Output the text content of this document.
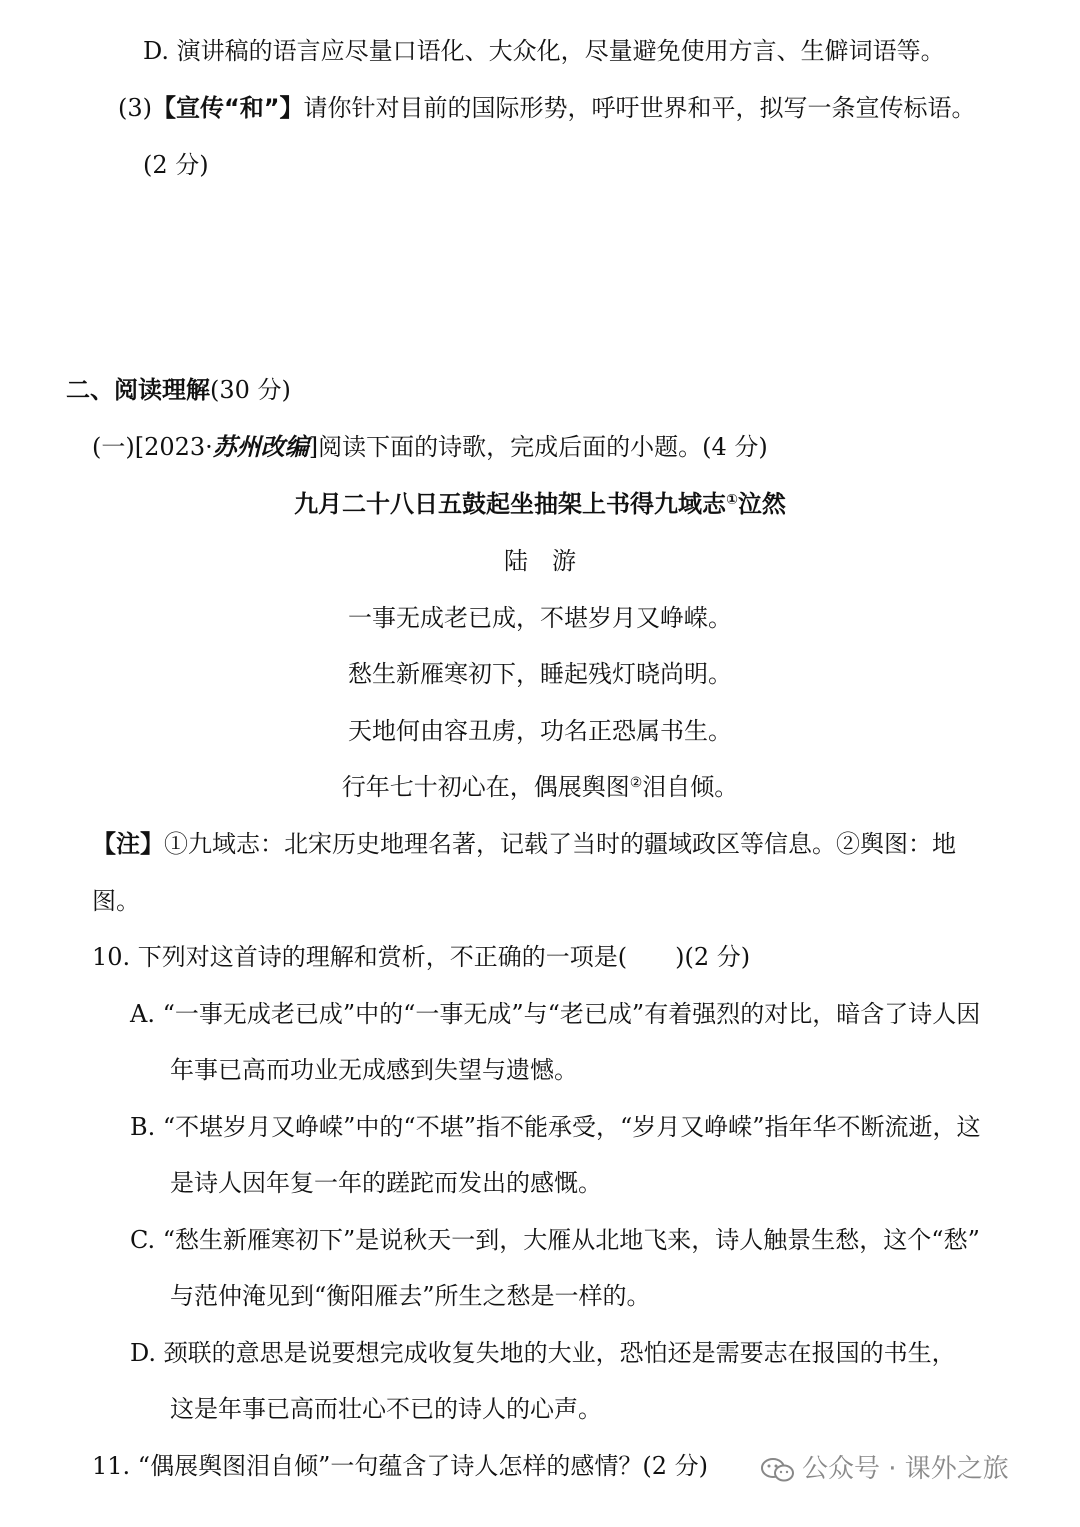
D. 演讲稿的语言应尽量口语化、大众化，尽量避免使用方言、生僻词语等。
(3)【宣传“和”】请你针对目前的国际形势，呼吁世界和平，拟写一条宣传标语。
(2 分)
二、阅读理解(30 分)
(一)[2023·苏州改编]阅读下面的诗歌，完成后面的小题。(4 分)
九月二十八日五鼓起坐抽架上书得九域志①泣然
陆　游
一事无成老已成，不堪岁月又峥嵘。
愁生新雁寒初下，睡起残灯晓尚明。
天地何由容丑虏，功名正恐属书生。
行年七十初心在，偶展舆图②泪自倾。
【注】①九域志：北宋历史地理名著，记载了当时的疆域政区等信息。②舆图：地
图。
10. 下列对这首诗的理解和赏析，不正确的一项是( )(2 分)
A. “一事无成老已成”中的“一事无成”与“老已成”有着强烈的对比，暗含了诗人因
年事已高而功业无成感到失望与遗憾。
B. “不堪岁月又峥嵘”中的“不堪”指不能承受，“岁月又峥嵘”指年华不断流逝，这
是诗人因年复一年的蹉跎而发出的感慨。
C. “愁生新雁寒初下”是说秋天一到，大雁从北地飞来，诗人触景生愁，这个“愁”
与范仲淹见到“衡阳雁去”所生之愁是一样的。
D. 颈联的意思是说要想完成收复失地的大业，恐怕还是需要志在报国的书生，
这是年事已高而壮心不已的诗人的心声。
11. “偶展舆图泪自倾”一句蕴含了诗人怎样的感情？(2 分)	公众号 · 课外之旅
